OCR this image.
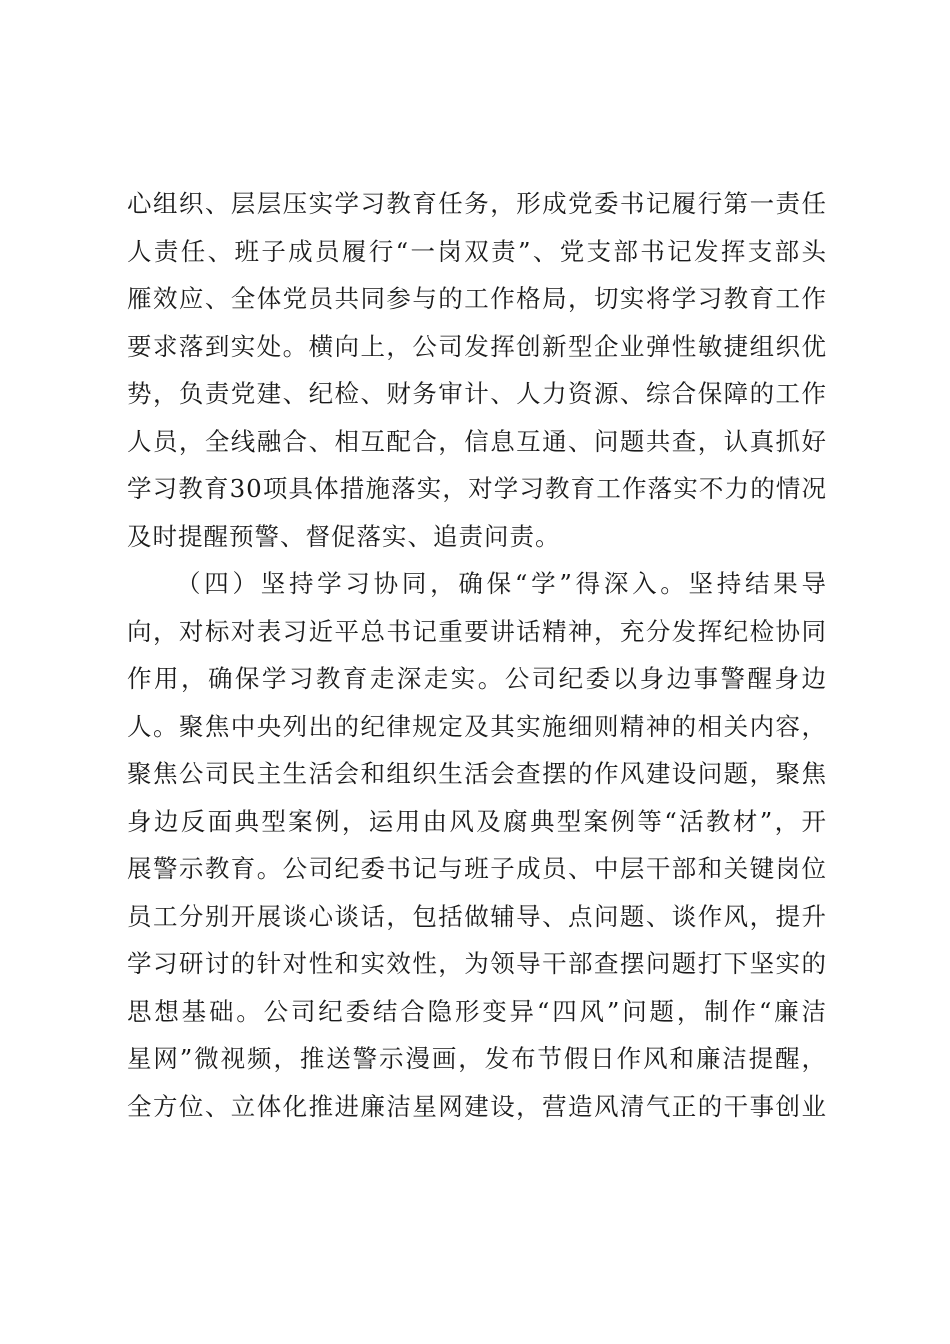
心组织、层层压实学习教育任务，形成党委书记履行第一责任
人责任、班子成员履行“一岗双责”、党支部书记发挥支部头
雁效应、全体党员共同参与的工作格局，切实将学习教育工作
要求落到实处。横向上，公司发挥创新型企业弹性敏捷组织优
势，负责党建、纪检、财务审计、人力资源、综合保障的工作
人员，全线融合、相互配合，信息互通、问题共查，认真抓好
学习教育30项具体措施落实，对学习教育工作落实不力的情况
及时提醒预警、督促落实、追责问责。
（四）坚持学习协同，确保“学”得深入。坚持结果导
向，对标对表习近平总书记重要讲话精神，充分发挥纪检协同
作用，确保学习教育走深走实。公司纪委以身边事警醒身边
人。聚焦中央列出的纪律规定及其实施细则精神的相关内容，
聚焦公司民主生活会和组织生活会查摆的作风建设问题，聚焦
身边反面典型案例，运用由风及腐典型案例等“活教材”，开
展警示教育。公司纪委书记与班子成员、中层干部和关键岗位
员工分别开展谈心谈话，包括做辅导、点问题、谈作风，提升
学习研讨的针对性和实效性，为领导干部查摆问题打下坚实的
思想基础。公司纪委结合隐形变异“四风”问题，制作“廉洁
星网”微视频，推送警示漫画，发布节假日作风和廉洁提醒，
全方位、立体化推进廉洁星网建设，营造风清气正的干事创业
